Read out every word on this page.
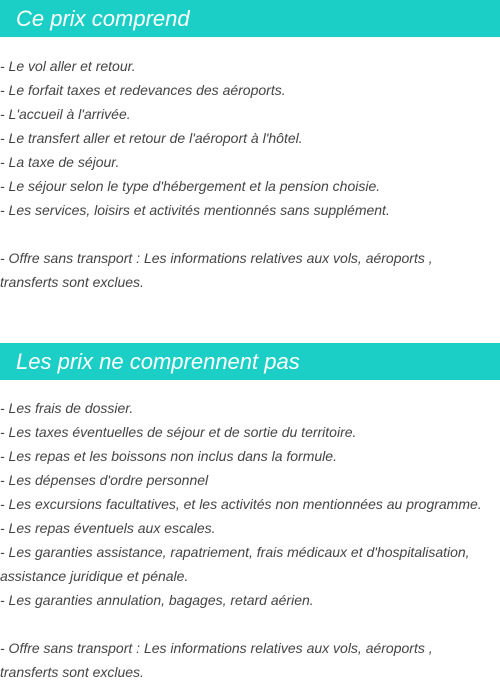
Ce prix comprend
- Le vol aller et retour.
- Le forfait taxes et redevances des aéroports.
- L'accueil à l'arrivée.
- Le transfert aller et retour de l'aéroport à l'hôtel.
- La taxe de séjour.
- Le séjour selon le type d'hébergement et la pension choisie.
- Les services, loisirs et activités mentionnés sans supplément.
- Offre sans transport : Les informations relatives aux vols, aéroports ,
transferts sont exclues.
Les prix ne comprennent pas
- Les frais de dossier.
- Les taxes éventuelles de séjour et de sortie du territoire.
- Les repas et les boissons non inclus dans la formule.
- Les dépenses d'ordre personnel
- Les excursions facultatives, et les activités non mentionnées au programme.
- Les repas éventuels aux escales.
- Les garanties assistance, rapatriement, frais médicaux et d'hospitalisation,
assistance juridique et pénale.
- Les garanties annulation, bagages, retard aérien.
- Offre sans transport : Les informations relatives aux vols, aéroports ,
transferts sont exclues.
